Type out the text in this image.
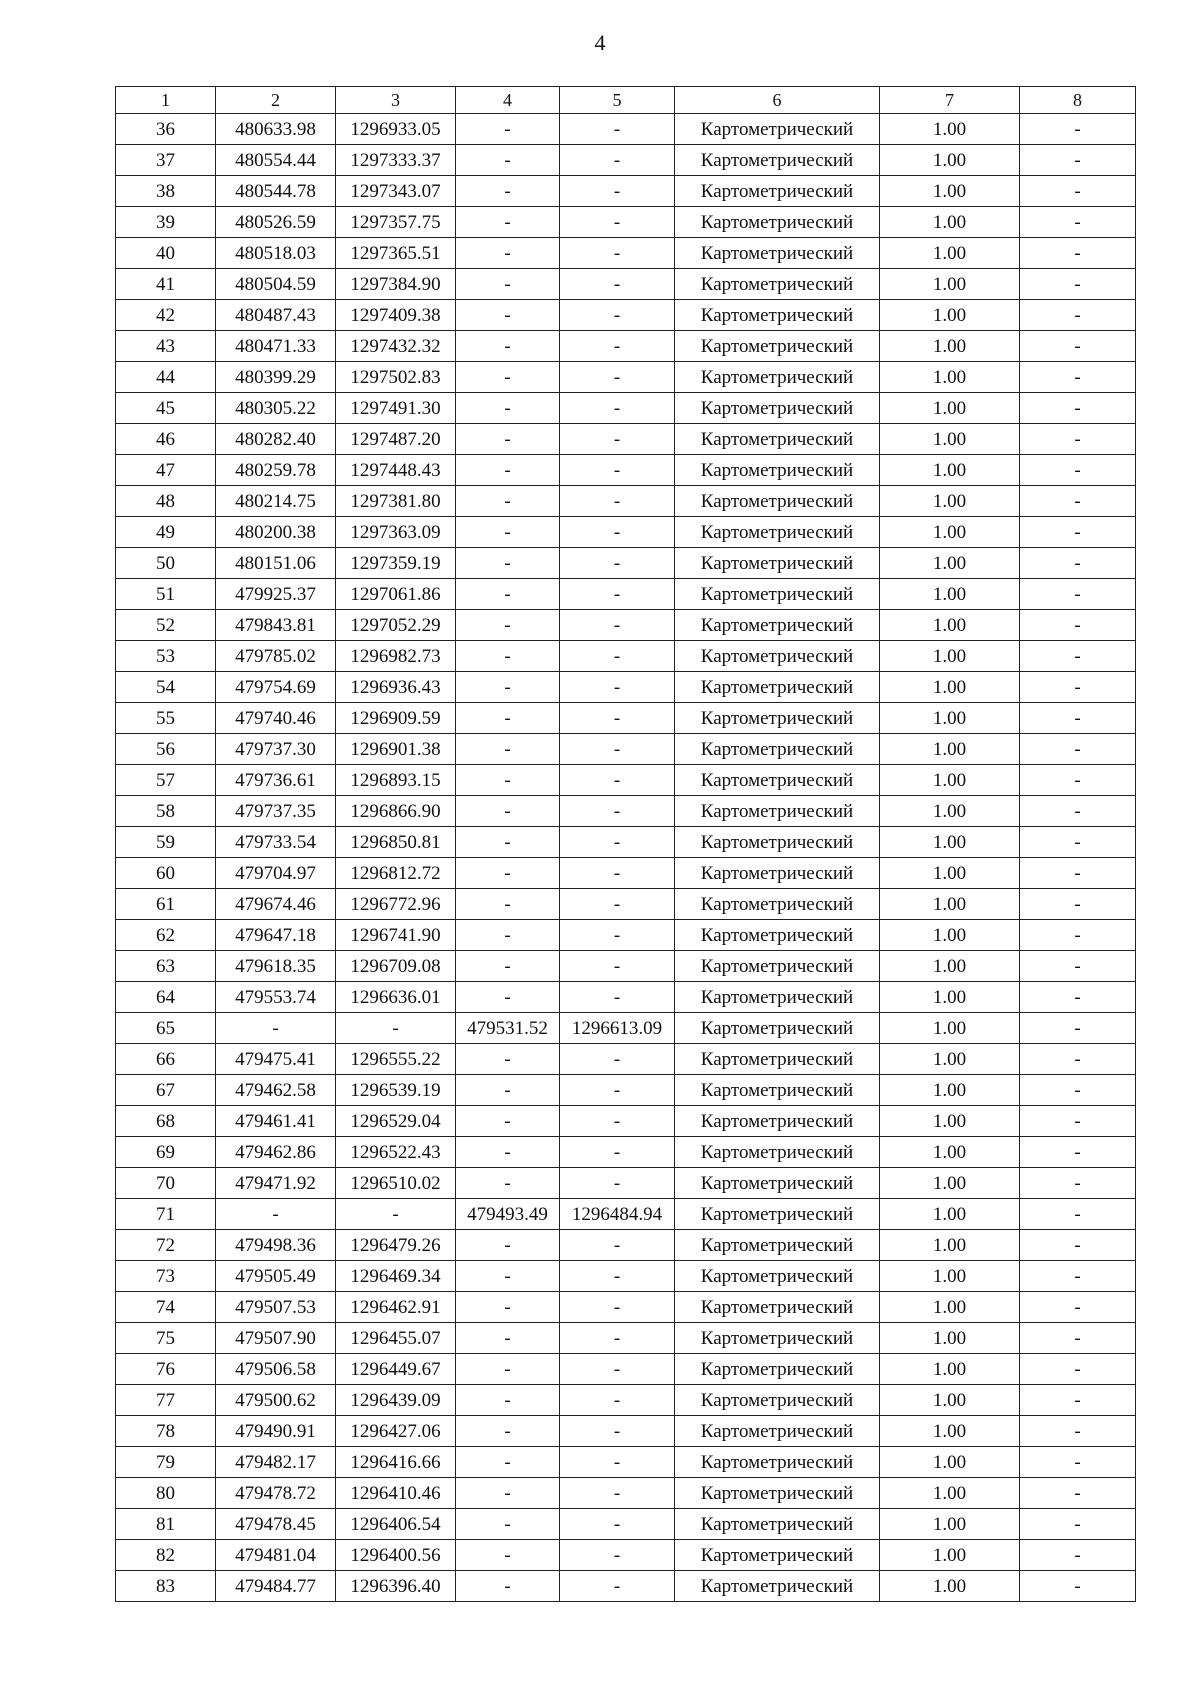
4
1	2	3	4	5	6	7	8
36	480633.98	1296933.05	-	-	Картометрический	1.00	-
37	480554.44	1297333.37	-	-	Картометрический	1.00	-
38	480544.78	1297343.07	-	-	Картометрический	1.00	-
39	480526.59	1297357.75	-	-	Картометрический	1.00	-
40	480518.03	1297365.51	-	-	Картометрический	1.00	-
41	480504.59	1297384.90	-	-	Картометрический	1.00	-
42	480487.43	1297409.38	-	-	Картометрический	1.00	-
43	480471.33	1297432.32	-	-	Картометрический	1.00	-
44	480399.29	1297502.83	-	-	Картометрический	1.00	-
45	480305.22	1297491.30	-	-	Картометрический	1.00	-
46	480282.40	1297487.20	-	-	Картометрический	1.00	-
47	480259.78	1297448.43	-	-	Картометрический	1.00	-
48	480214.75	1297381.80	-	-	Картометрический	1.00	-
49	480200.38	1297363.09	-	-	Картометрический	1.00	-
50	480151.06	1297359.19	-	-	Картометрический	1.00	-
51	479925.37	1297061.86	-	-	Картометрический	1.00	-
52	479843.81	1297052.29	-	-	Картометрический	1.00	-
53	479785.02	1296982.73	-	-	Картометрический	1.00	-
54	479754.69	1296936.43	-	-	Картометрический	1.00	-
55	479740.46	1296909.59	-	-	Картометрический	1.00	-
56	479737.30	1296901.38	-	-	Картометрический	1.00	-
57	479736.61	1296893.15	-	-	Картометрический	1.00	-
58	479737.35	1296866.90	-	-	Картометрический	1.00	-
59	479733.54	1296850.81	-	-	Картометрический	1.00	-
60	479704.97	1296812.72	-	-	Картометрический	1.00	-
61	479674.46	1296772.96	-	-	Картометрический	1.00	-
62	479647.18	1296741.90	-	-	Картометрический	1.00	-
63	479618.35	1296709.08	-	-	Картометрический	1.00	-
64	479553.74	1296636.01	-	-	Картометрический	1.00	-
65	-	-	479531.52	1296613.09	Картометрический	1.00	-
66	479475.41	1296555.22	-	-	Картометрический	1.00	-
67	479462.58	1296539.19	-	-	Картометрический	1.00	-
68	479461.41	1296529.04	-	-	Картометрический	1.00	-
69	479462.86	1296522.43	-	-	Картометрический	1.00	-
70	479471.92	1296510.02	-	-	Картометрический	1.00	-
71	-	-	479493.49	1296484.94	Картометрический	1.00	-
72	479498.36	1296479.26	-	-	Картометрический	1.00	-
73	479505.49	1296469.34	-	-	Картометрический	1.00	-
74	479507.53	1296462.91	-	-	Картометрический	1.00	-
75	479507.90	1296455.07	-	-	Картометрический	1.00	-
76	479506.58	1296449.67	-	-	Картометрический	1.00	-
77	479500.62	1296439.09	-	-	Картометрический	1.00	-
78	479490.91	1296427.06	-	-	Картометрический	1.00	-
79	479482.17	1296416.66	-	-	Картометрический	1.00	-
80	479478.72	1296410.46	-	-	Картометрический	1.00	-
81	479478.45	1296406.54	-	-	Картометрический	1.00	-
82	479481.04	1296400.56	-	-	Картометрический	1.00	-
83	479484.77	1296396.40	-	-	Картометрический	1.00	-
